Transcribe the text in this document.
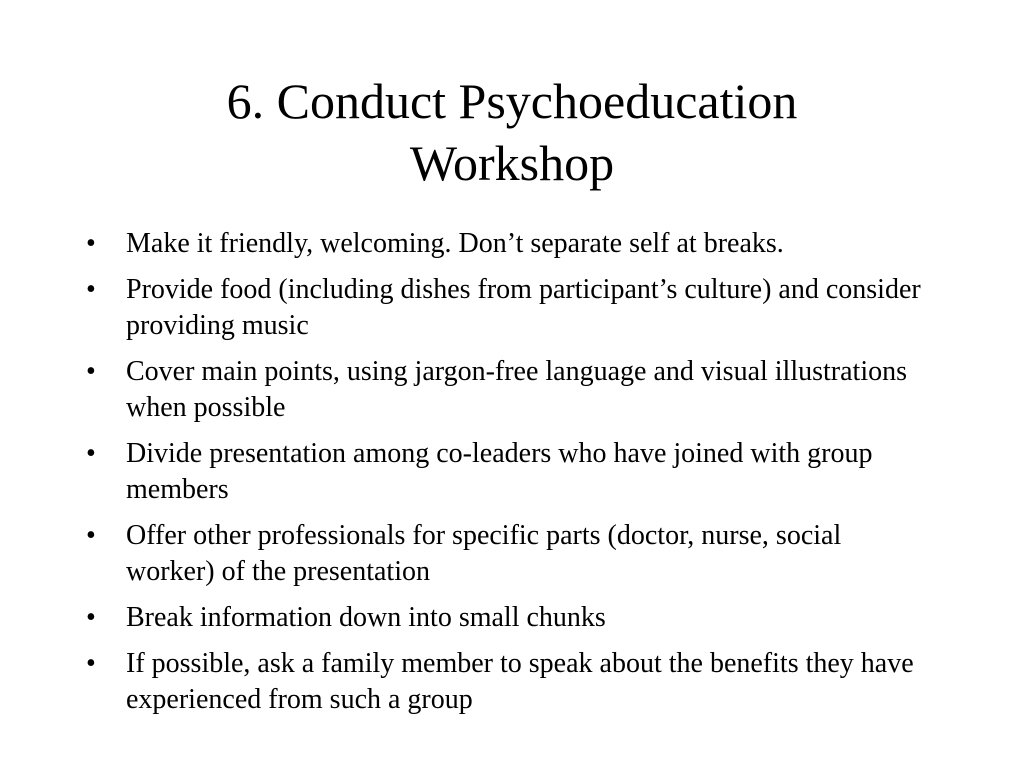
6. Conduct Psychoeducation
Workshop
• Make it friendly, welcoming. Don’t separate self at breaks.
• Provide food (including dishes from participant’s culture) and consider providing music
• Cover main points, using jargon-free language and visual illustrations when possible
• Divide presentation among co-leaders who have joined with group members
• Offer other professionals for specific parts (doctor, nurse, social worker) of the presentation
• Break information down into small chunks
• If possible, ask a family member to speak about the benefits they have experienced from such a group
